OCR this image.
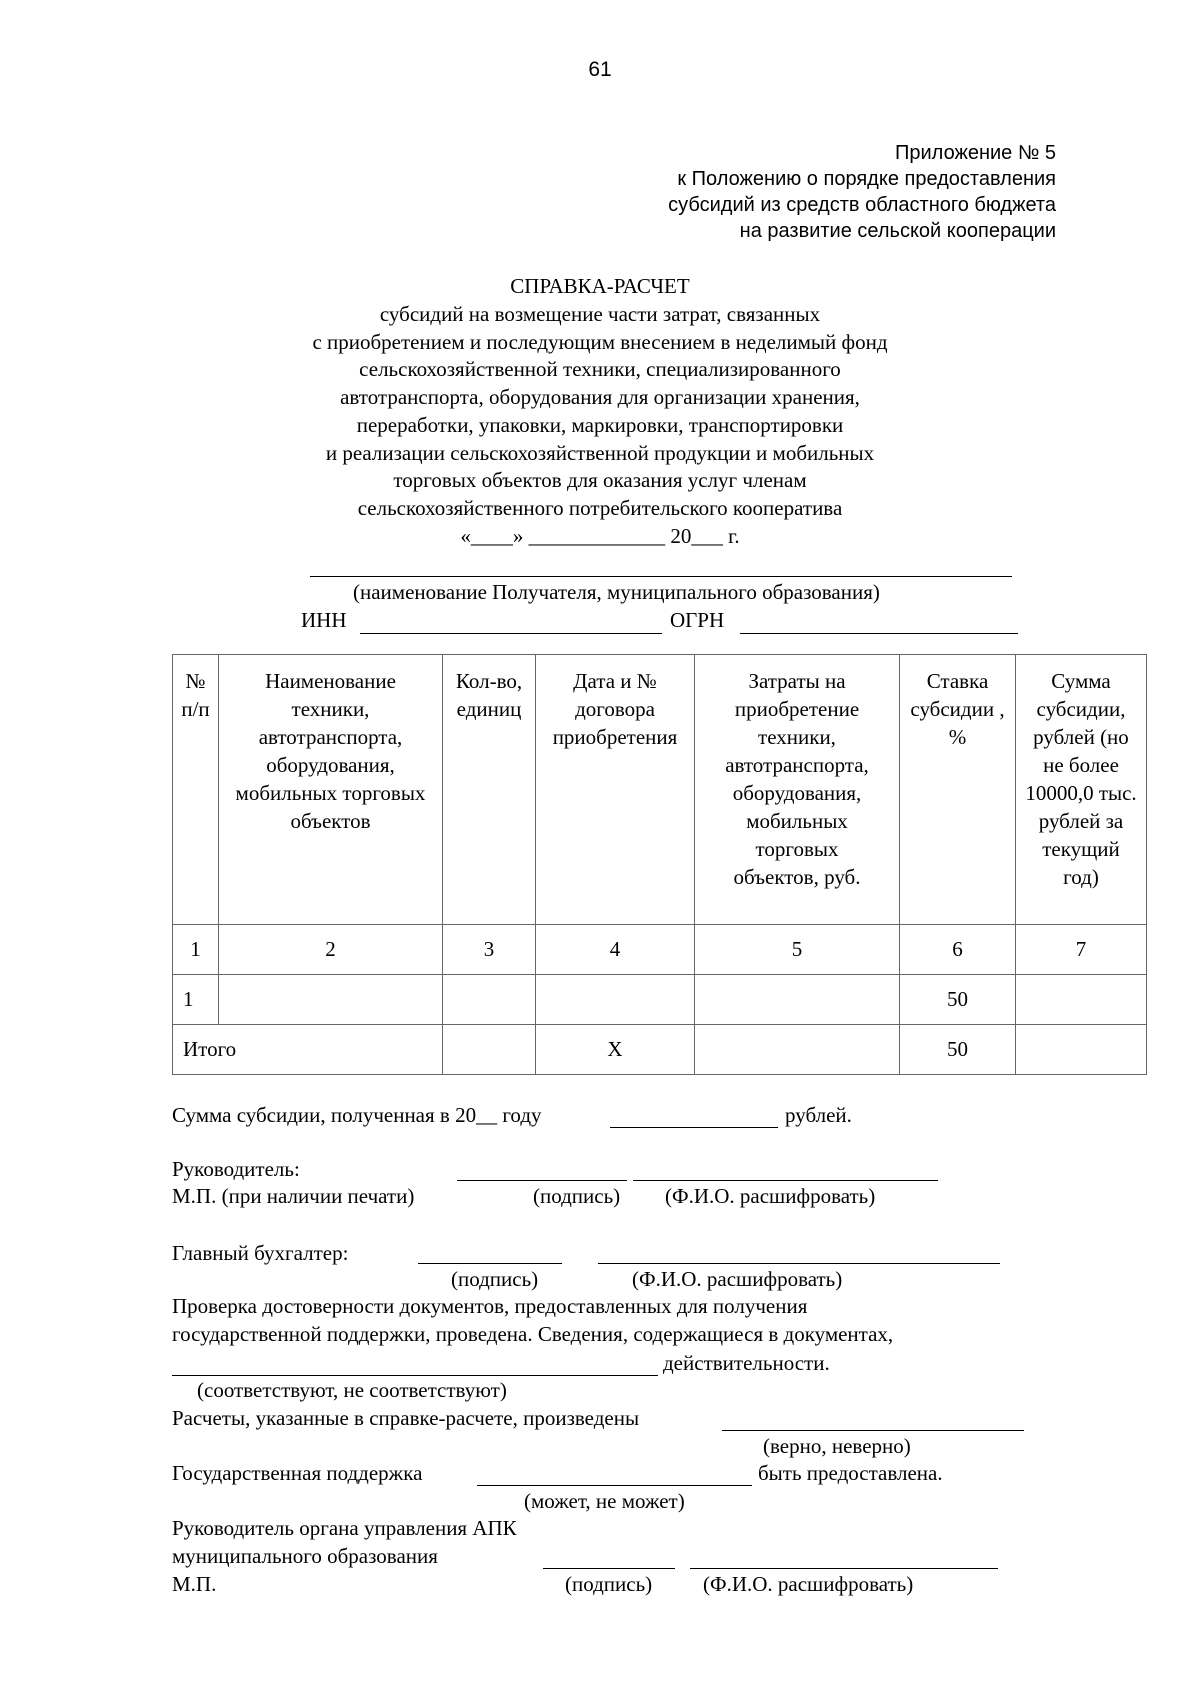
61
Приложение № 5
к Положению о порядке предоставления
субсидий из средств областного бюджета
на развитие сельской кооперации
СПРАВКА-РАСЧЕТ
субсидий на возмещение части затрат, связанных
с приобретением и последующим внесением в неделимый фонд
сельскохозяйственной техники, специализированного
автотранспорта, оборудования для организации хранения,
переработки, упаковки, маркировки, транспортировки
и реализации сельскохозяйственной продукции и мобильных
торговых объектов для оказания услуг членам
сельскохозяйственного потребительского кооператива
«____» _____________ 20___ г.
(наименование Получателя, муниципального образования)
ИНН	ОГРН
№ п/п	Наименование техники, автотранспорта, оборудования, мобильных торговых объектов	Кол-во, единиц	Дата и № договора приобретения	Затраты на приобретение техники, автотранспорта, оборудования, мобильных торговых объектов, руб.	Ставка субсидии , %	Сумма субсидии, рублей (но не более 10000,0 тыс. рублей за текущий год)

1	2	3	4	5	6	7
1					50	
Итого			X		50	
Сумма субсидии, полученная в 20__ году	рублей.
Руководитель:
М.П. (при наличии печати)	(подпись) (Ф.И.О. расшифровать)
Главный бухгалтер:
(подпись)	(Ф.И.О. расшифровать)
Проверка достоверности документов, предоставленных для получения
государственной поддержки, проведена. Сведения, содержащиеся в документах,
действительности.
(соответствуют, не соответствуют)
Расчеты, указанные в справке-расчете, произведены
(верно, неверно)
Государственная поддержка	быть предоставлена.
(может, не может)
Руководитель органа управления АПК
муниципального образования
М.П.	(подпись) (Ф.И.О. расшифровать)
